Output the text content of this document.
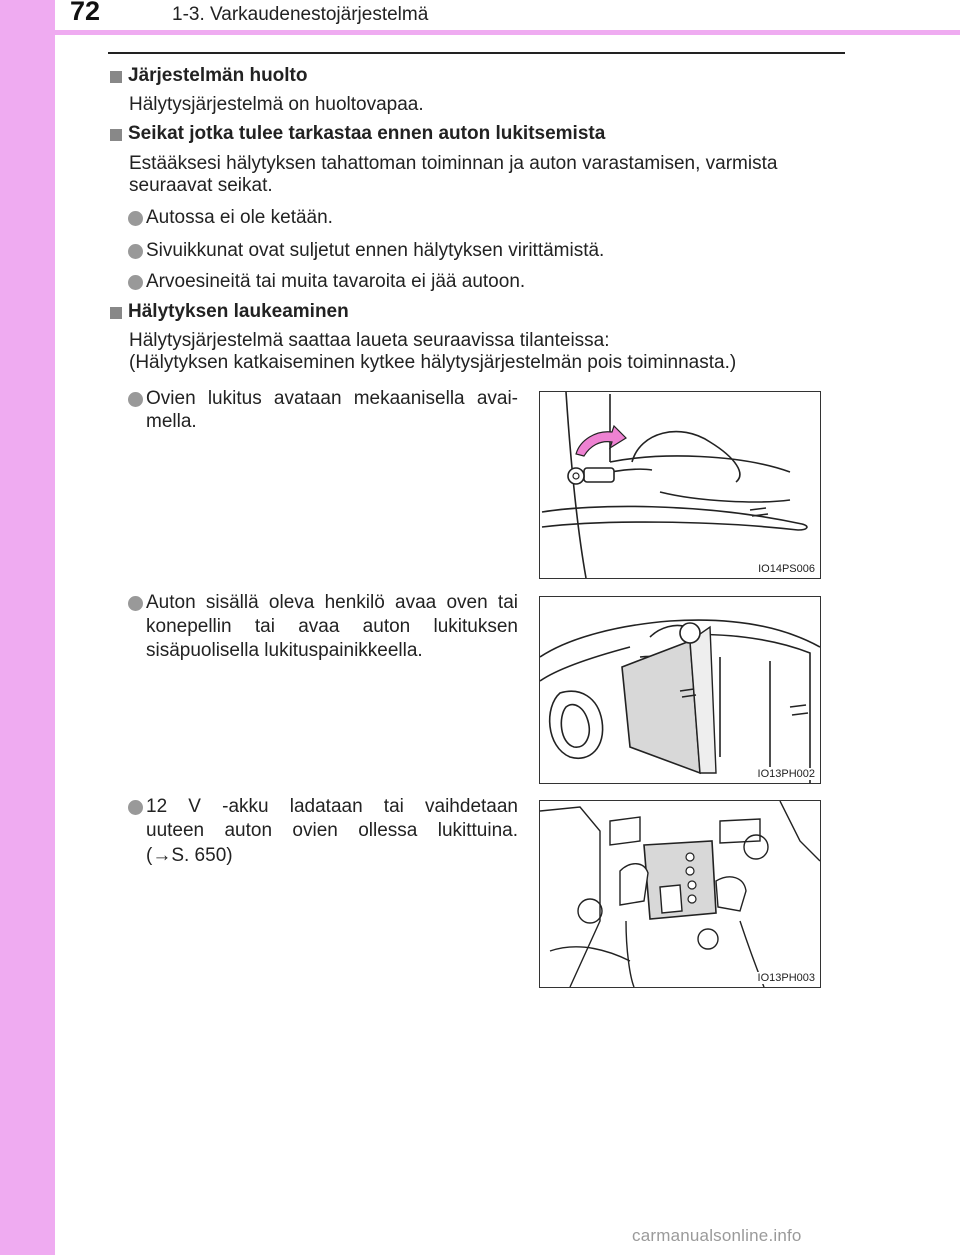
72	1-3. Varkaudenestojärjestelmä
Järjestelmän huolto
Hälytysjärjestelmä on huoltovapaa.
Seikat jotka tulee tarkastaa ennen auton lukitsemista
Estääksesi hälytyksen tahattoman toiminnan ja auton varastamisen, varmista
seuraavat seikat.
Autossa ei ole ketään.
Sivuikkunat ovat suljetut ennen hälytyksen virittämistä.
Arvoesineitä tai muita tavaroita ei jää autoon.
Hälytyksen laukeaminen
Hälytysjärjestelmä saattaa laueta seuraavissa tilanteissa:
(Hälytyksen katkaiseminen kytkee hälytysjärjestelmän pois toiminnasta.)
Ovien lukitus avataan mekaanisella avai-
mella.
IO14PS006
Auton sisällä oleva henkilö avaa oven tai
konepellin tai avaa auton lukituksen
sisäpuolisella lukituspainikkeella.
IO13PH002
12 V -akku ladataan tai vaihdetaan
uuteen auton ovien ollessa lukittuina.
(→S. 650)
IO13PH003
carmanualsonline.info
